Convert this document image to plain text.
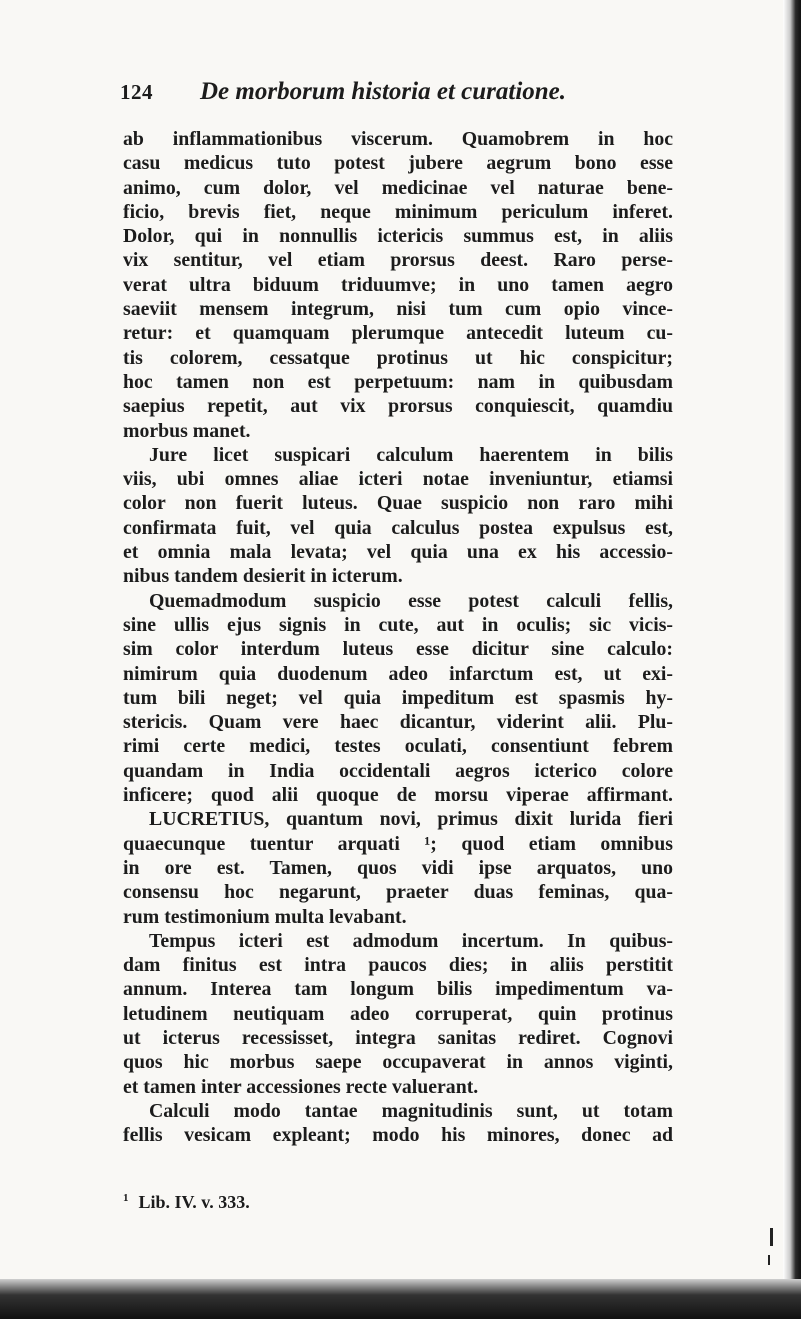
124 De morborum historia et curatione.
ab inflammationibus viscerum. Quamobrem in hoc
casu medicus tuto potest jubere aegrum bono esse
animo, cum dolor, vel medicinae vel naturae bene-
ficio, brevis fiet, neque minimum periculum inferet.
Dolor, qui in nonnullis ictericis summus est, in aliis
vix sentitur, vel etiam prorsus deest. Raro perse-
verat ultra biduum triduumve; in uno tamen aegro
saeviit mensem integrum, nisi tum cum opio vince-
retur: et quamquam plerumque antecedit luteum cu-
tis colorem, cessatque protinus ut hic conspicitur;
hoc tamen non est perpetuum: nam in quibusdam
saepius repetit, aut vix prorsus conquiescit, quamdiu
morbus manet.
Jure licet suspicari calculum haerentem in bilis
viis, ubi omnes aliae icteri notae inveniuntur, etiamsi
color non fuerit luteus. Quae suspicio non raro mihi
confirmata fuit, vel quia calculus postea expulsus est,
et omnia mala levata; vel quia una ex his accessio-
nibus tandem desierit in icterum.
Quemadmodum suspicio esse potest calculi fellis,
sine ullis ejus signis in cute, aut in oculis; sic vicis-
sim color interdum luteus esse dicitur sine calculo:
nimirum quia duodenum adeo infarctum est, ut exi-
tum bili neget; vel quia impeditum est spasmis hy-
stericis. Quam vere haec dicantur, viderint alii. Plu-
rimi certe medici, testes oculati, consentiunt febrem
quandam in India occidentali aegros icterico colore
inficere; quod alii quoque de morsu viperae affirmant.
LUCRETIUS, quantum novi, primus dixit lurida fieri
quaecunque tuentur arquati ¹; quod etiam omnibus
in ore est. Tamen, quos vidi ipse arquatos, uno
consensu hoc negarunt, praeter duas feminas, qua-
rum testimonium multa levabant.
Tempus icteri est admodum incertum. In quibus-
dam finitus est intra paucos dies; in aliis perstitit
annum. Interea tam longum bilis impedimentum va-
letudinem neutiquam adeo corruperat, quin protinus
ut icterus recessisset, integra sanitas rediret. Cognovi
quos hic morbus saepe occupaverat in annos viginti,
et tamen inter accessiones recte valuerant.
Calculi modo tantae magnitudinis sunt, ut totam
fellis vesicam expleant; modo his minores, donec ad
$^1$ Lib. IV. v. 333.
